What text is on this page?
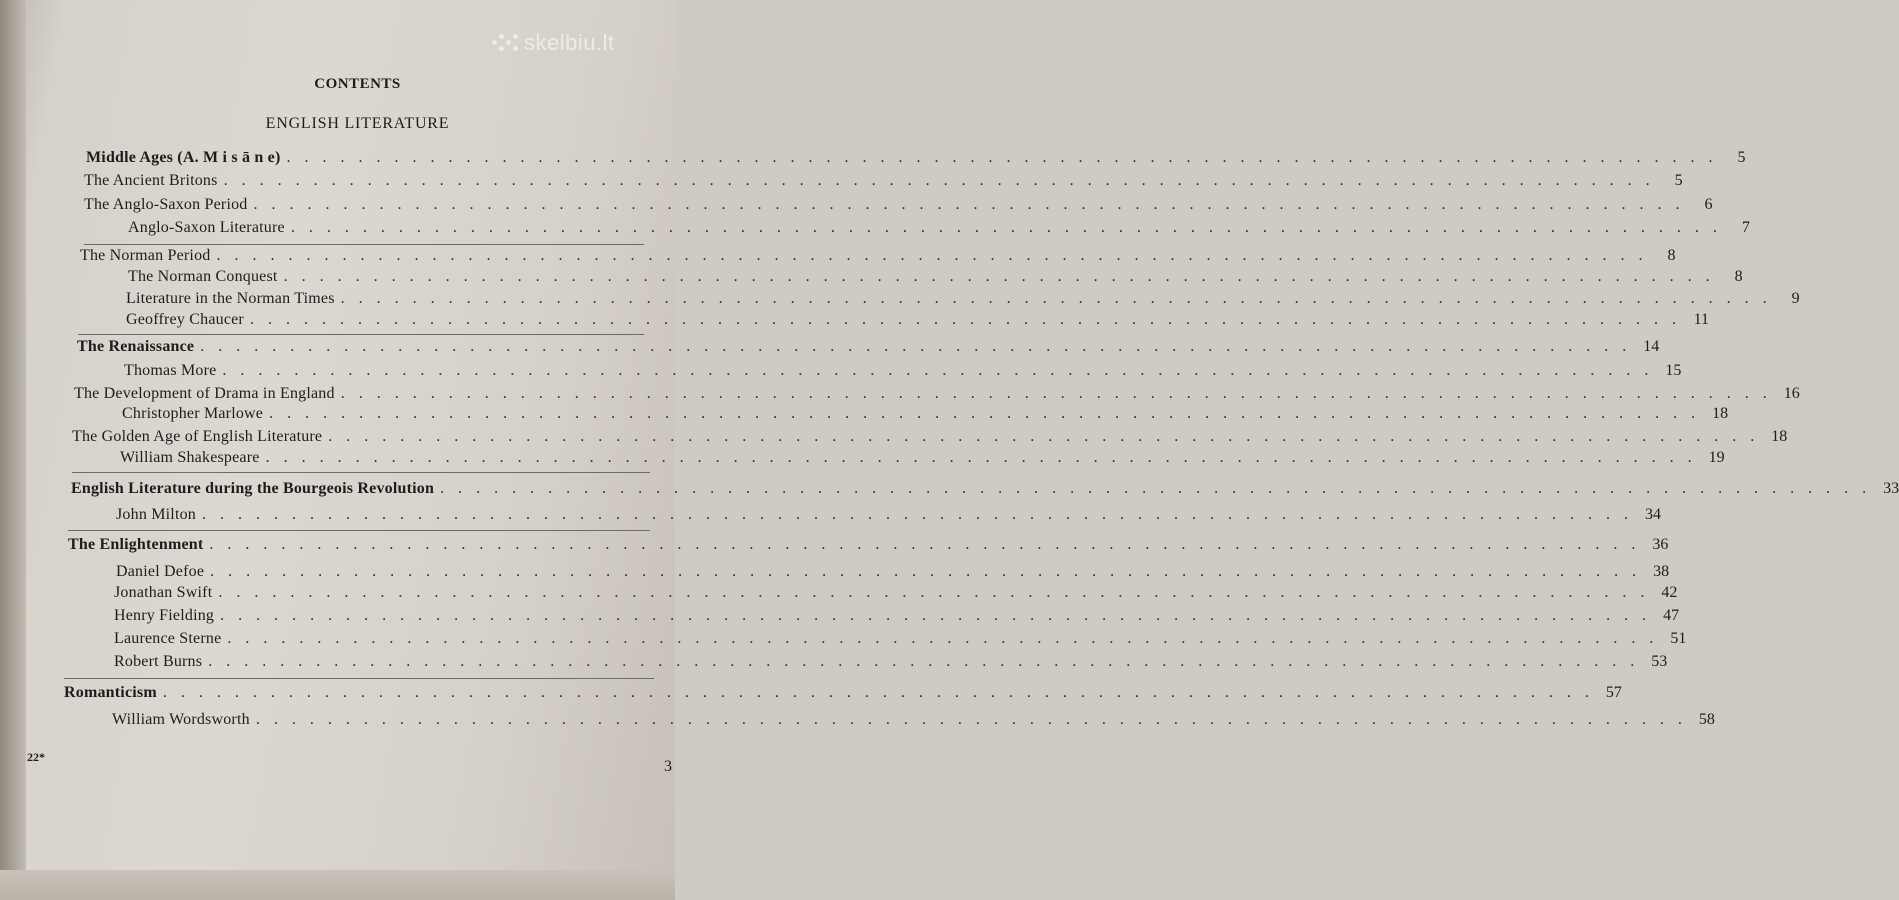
skelbiu.lt
CONTENTS
ENGLISH LITERATURE
Middle Ages (A. M i s ā n e) . . . . . . . . . . . . . . . . . . . . . . . . . . . . . . . . . . . . . . . . . . . . . . . . . . . . . . . . . . . . . . . . . . . . . . . . . . . . . . . .	5
The Ancient Britons . . . . . . . . . . . . . . . . . . . . . . . . . . . . . . . . . . . . . . . . . . . . . . . . . . . . . . . . . . . . . . . . . . . . . . . . . . . . . . . .	5
The Anglo-Saxon Period . . . . . . . . . . . . . . . . . . . . . . . . . . . . . . . . . . . . . . . . . . . . . . . . . . . . . . . . . . . . . . . . . . . . . . . . . . . . . . . .	6
Anglo-Saxon Literature . . . . . . . . . . . . . . . . . . . . . . . . . . . . . . . . . . . . . . . . . . . . . . . . . . . . . . . . . . . . . . . . . . . . . . . . . . . . . . . .	7
The Norman Period . . . . . . . . . . . . . . . . . . . . . . . . . . . . . . . . . . . . . . . . . . . . . . . . . . . . . . . . . . . . . . . . . . . . . . . . . . . . . . . .	8
The Norman Conquest . . . . . . . . . . . . . . . . . . . . . . . . . . . . . . . . . . . . . . . . . . . . . . . . . . . . . . . . . . . . . . . . . . . . . . . . . . . . . . . .	8
Literature in the Norman Times . . . . . . . . . . . . . . . . . . . . . . . . . . . . . . . . . . . . . . . . . . . . . . . . . . . . . . . . . . . . . . . . . . . . . . . . . . . . . . . .	9
Geoffrey Chaucer . . . . . . . . . . . . . . . . . . . . . . . . . . . . . . . . . . . . . . . . . . . . . . . . . . . . . . . . . . . . . . . . . . . . . . . . . . . . . . . . 11
The Renaissance . . . . . . . . . . . . . . . . . . . . . . . . . . . . . . . . . . . . . . . . . . . . . . . . . . . . . . . . . . . . . . . . . . . . . . . . . . . . . . . . 14
Thomas More . . . . . . . . . . . . . . . . . . . . . . . . . . . . . . . . . . . . . . . . . . . . . . . . . . . . . . . . . . . . . . . . . . . . . . . . . . . . . . . . 15
The Development of Drama in England . . . . . . . . . . . . . . . . . . . . . . . . . . . . . . . . . . . . . . . . . . . . . . . . . . . . . . . . . . . . . . . . . . . . . . . . . . . . . . . . 16
Christopher Marlowe . . . . . . . . . . . . . . . . . . . . . . . . . . . . . . . . . . . . . . . . . . . . . . . . . . . . . . . . . . . . . . . . . . . . . . . . . . . . . . . . 18
The Golden Age of English Literature . . . . . . . . . . . . . . . . . . . . . . . . . . . . . . . . . . . . . . . . . . . . . . . . . . . . . . . . . . . . . . . . . . . . . . . . . . . . . . . . 18
William Shakespeare . . . . . . . . . . . . . . . . . . . . . . . . . . . . . . . . . . . . . . . . . . . . . . . . . . . . . . . . . . . . . . . . . . . . . . . . . . . . . . . . 19
English Literature during the Bourgeois Revolution . . . . . . . . . . . . . . . . . . . . . . . . . . . . . . . . . . . . . . . . . . . . . . . . . . . . . . . . . . . . . . . . . . . . . . . . . . . . . . . . 33
John Milton . . . . . . . . . . . . . . . . . . . . . . . . . . . . . . . . . . . . . . . . . . . . . . . . . . . . . . . . . . . . . . . . . . . . . . . . . . . . . . . . 34
The Enlightenment . . . . . . . . . . . . . . . . . . . . . . . . . . . . . . . . . . . . . . . . . . . . . . . . . . . . . . . . . . . . . . . . . . . . . . . . . . . . . . . . 36
Daniel Defoe . . . . . . . . . . . . . . . . . . . . . . . . . . . . . . . . . . . . . . . . . . . . . . . . . . . . . . . . . . . . . . . . . . . . . . . . . . . . . . . . 38
Jonathan Swift . . . . . . . . . . . . . . . . . . . . . . . . . . . . . . . . . . . . . . . . . . . . . . . . . . . . . . . . . . . . . . . . . . . . . . . . . . . . . . . . 42
Henry Fielding . . . . . . . . . . . . . . . . . . . . . . . . . . . . . . . . . . . . . . . . . . . . . . . . . . . . . . . . . . . . . . . . . . . . . . . . . . . . . . . . 47
Laurence Sterne . . . . . . . . . . . . . . . . . . . . . . . . . . . . . . . . . . . . . . . . . . . . . . . . . . . . . . . . . . . . . . . . . . . . . . . . . . . . . . . . 51
Robert Burns . . . . . . . . . . . . . . . . . . . . . . . . . . . . . . . . . . . . . . . . . . . . . . . . . . . . . . . . . . . . . . . . . . . . . . . . . . . . . . . . 53
Romanticism . . . . . . . . . . . . . . . . . . . . . . . . . . . . . . . . . . . . . . . . . . . . . . . . . . . . . . . . . . . . . . . . . . . . . . . . . . . . . . . . 57
William Wordsworth . . . . . . . . . . . . . . . . . . . . . . . . . . . . . . . . . . . . . . . . . . . . . . . . . . . . . . . . . . . . . . . . . . . . . . . . . . . . . . . . 58
22*
3
